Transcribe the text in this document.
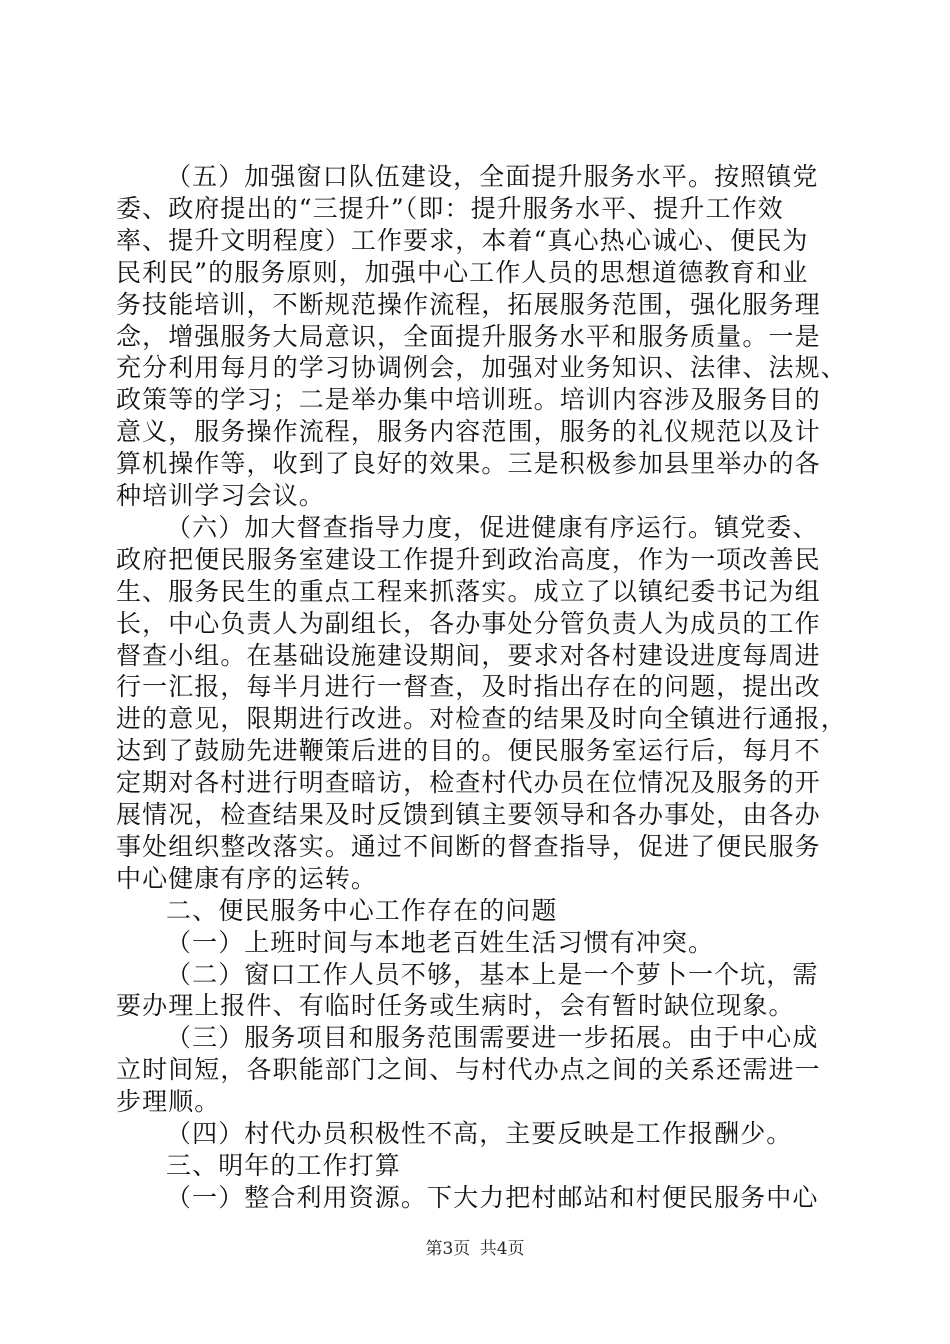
（五）加强窗口队伍建设，全面提升服务水平。按照镇党
委、政府提出的“三提升”（即：提升服务水平、提升工作效
率、提升文明程度）工作要求，本着“真心热心诚心、便民为
民利民”的服务原则，加强中心工作人员的思想道德教育和业
务技能培训，不断规范操作流程，拓展服务范围，强化服务理
念，增强服务大局意识，全面提升服务水平和服务质量。一是
充分利用每月的学习协调例会，加强对业务知识、法律、法规、
政策等的学习；二是举办集中培训班。培训内容涉及服务目的
意义，服务操作流程，服务内容范围，服务的礼仪规范以及计
算机操作等，收到了良好的效果。三是积极参加县里举办的各
种培训学习会议。
（六）加大督查指导力度，促进健康有序运行。镇党委、
政府把便民服务室建设工作提升到政治高度，作为一项改善民
生、服务民生的重点工程来抓落实。成立了以镇纪委书记为组
长，中心负责人为副组长，各办事处分管负责人为成员的工作
督查小组。在基础设施建设期间，要求对各村建设进度每周进
行一汇报，每半月进行一督查，及时指出存在的问题，提出改
进的意见，限期进行改进。对检查的结果及时向全镇进行通报，
达到了鼓励先进鞭策后进的目的。便民服务室运行后，每月不
定期对各村进行明查暗访，检查村代办员在位情况及服务的开
展情况，检查结果及时反馈到镇主要领导和各办事处，由各办
事处组织整改落实。通过不间断的督查指导，促进了便民服务
中心健康有序的运转。
二、便民服务中心工作存在的问题
（一）上班时间与本地老百姓生活习惯有冲突。
（二）窗口工作人员不够，基本上是一个萝卜一个坑，需
要办理上报件、有临时任务或生病时，会有暂时缺位现象。
（三）服务项目和服务范围需要进一步拓展。由于中心成
立时间短，各职能部门之间、与村代办点之间的关系还需进一
步理顺。
（四）村代办员积极性不高，主要反映是工作报酬少。
三、明年的工作打算
（一）整合利用资源。下大力把村邮站和村便民服务中心
第3页 共4页
